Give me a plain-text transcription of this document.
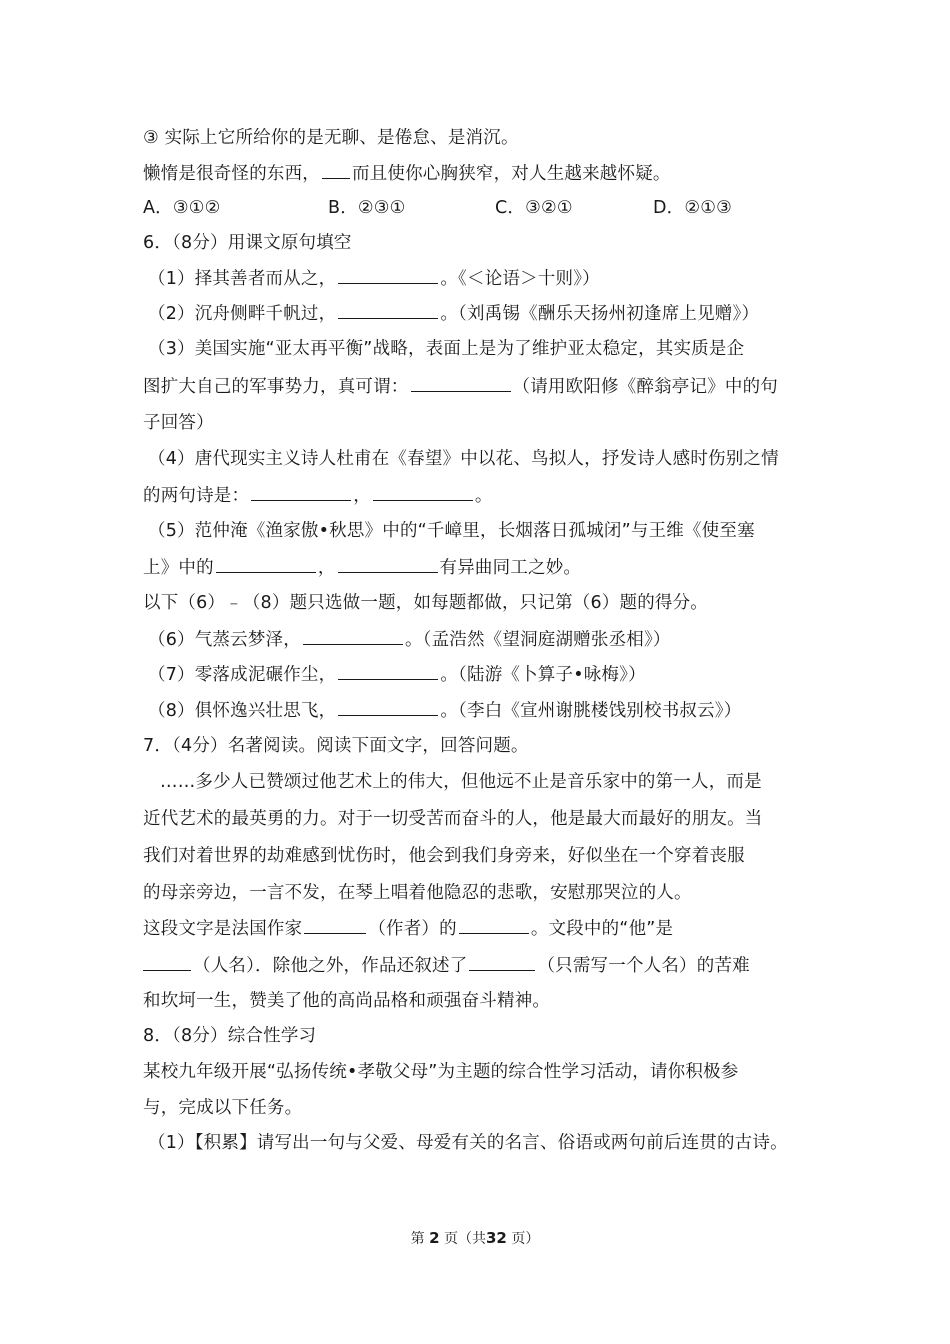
③ 实际上它所给你的是无聊、是倦怠、是消沉。
懒惰是很奇怪的东西， 而且使你心胸狭窄，对人生越来越怀疑。
A．③①②	B．②③①	C．③②①	D．②①③
6．（8分）用课文原句填空
（1）择其善者而从之，	。《＜论语＞十则》）
（2）沉舟侧畔千帆过，	。（刘禹锡《酬乐天扬州初逢席上见赠》）
（3）美国实施“亚太再平衡”战略，表面上是为了维护亚太稳定，其实质是企
图扩大自己的军事势力，真可谓：	（请用欧阳修《醉翁亭记》中的句
子回答）
（4）唐代现实主义诗人杜甫在《春望》中以花、鸟拟人，抒发诗人感时伤别之情
的两句诗是：	，	。
（5）范仲淹《渔家傲•秋思》中的“千嶂里，长烟落日孤城闭”与王维《使至塞
上》中的	，	有异曲同工之妙。
以下（6）﹣（8）题只选做一题，如每题都做，只记第（6）题的得分。
（6）气蒸云梦泽，	。（孟浩然《望洞庭湖赠张丞相》）
（7）零落成泥碾作尘，	。（陆游《卜算子•咏梅》）
（8）俱怀逸兴壮思飞，	。（李白《宣州谢朓楼饯别校书叔云》）
7．（4分）名著阅读。阅读下面文字，回答问题。
……多少人已赞颂过他艺术上的伟大，但他远不止是音乐家中的第一人，而是
近代艺术的最英勇的力。对于一切受苦而奋斗的人，他是最大而最好的朋友。当
我们对着世界的劫难感到忧伤时，他会到我们身旁来，好似坐在一个穿着丧服
的母亲旁边，一言不发，在琴上唱着他隐忍的悲歌，安慰那哭泣的人。
这段文字是法国作家	（作者）的	。文段中的“他”是
（人名）．除他之外，作品还叙述了	（只需写一个人名）的苦难
和坎坷一生，赞美了他的高尚品格和顽强奋斗精神。
8．（8分）综合性学习
某校九年级开展“弘扬传统•孝敬父母”为主题的综合性学习活动，请你积极参
与，完成以下任务。
（1）【积累】请写出一句与父爱、母爱有关的名言、俗语或两句前后连贯的古诗。
第 2 页（共32 页）
